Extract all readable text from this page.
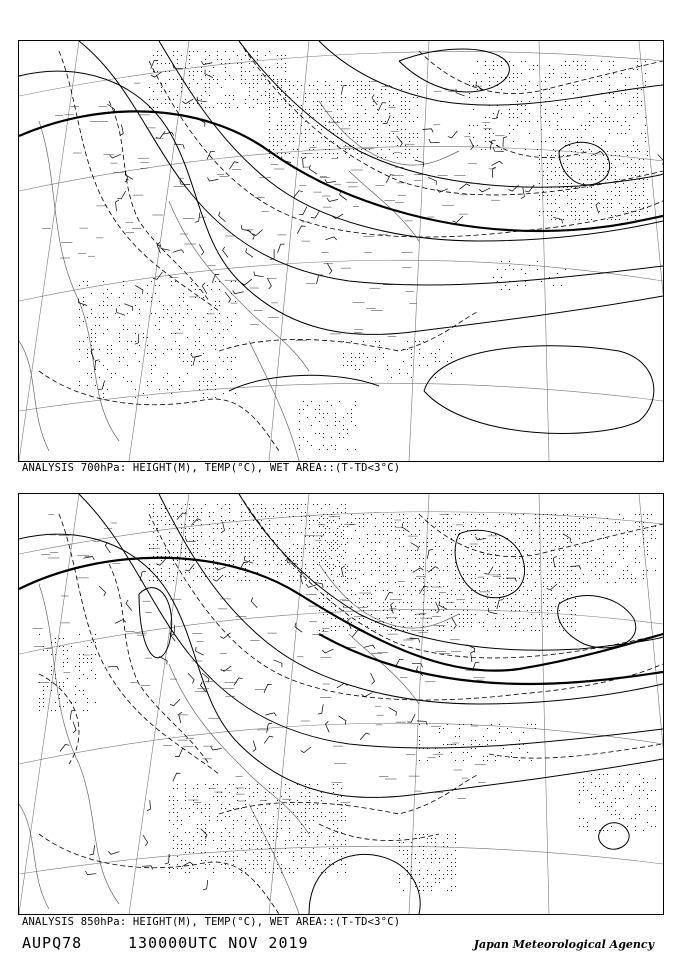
ANALYSIS 700hPa: HEIGHT(M), TEMP(°C), WET AREA::(T-TD<3°C)
ANALYSIS 850hPa: HEIGHT(M), TEMP(°C), WET AREA::(T-TD<3°C)
AUPQ78	130000UTC NOV 2019	Japan Meteorological Agency
